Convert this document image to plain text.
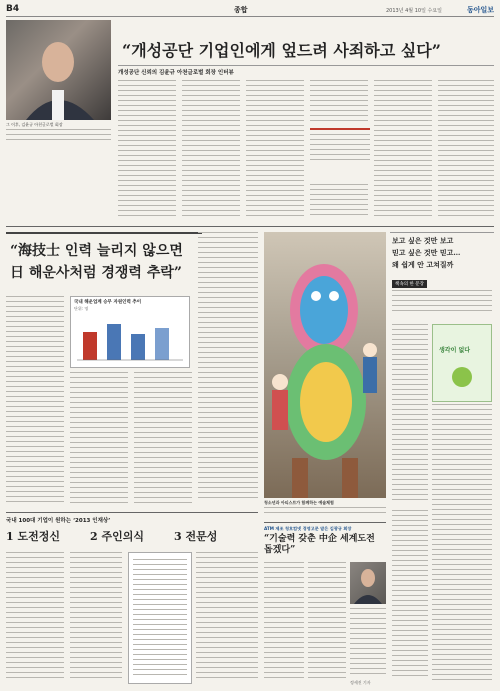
B4	종합	2013년 4월 10일 수요일	동아일보
그 이후, 김윤규 아천글로벌 회장
“개성공단 기업인에게 엎드려 사죄하고 싶다”
개성공단 신뢰의 김윤규 아천글로벌 회장 인터뷰
“海技士 인력 늘리지 않으면
日 해운사처럼 경쟁력 추락”
국내 해운업계 승무 자원인력 추이
단위: 명
청소년과 아티스트가 함께하는 예술체험
보고 싶은 것만 보고
믿고 싶은 것만 믿고…
왜 쉽게 안 고쳐질까
책속의 한 문장
생각이 없다
국내 100대 기업이 원하는 ‘2013 인재상’
1 도전정신	2 주인의식	3 전문성
ATM 제조 청호컴넷 경영고문 맡은 김광규 회장
“기술력 갖춘 中企 세계도전 돕겠다”
정세진 기자
